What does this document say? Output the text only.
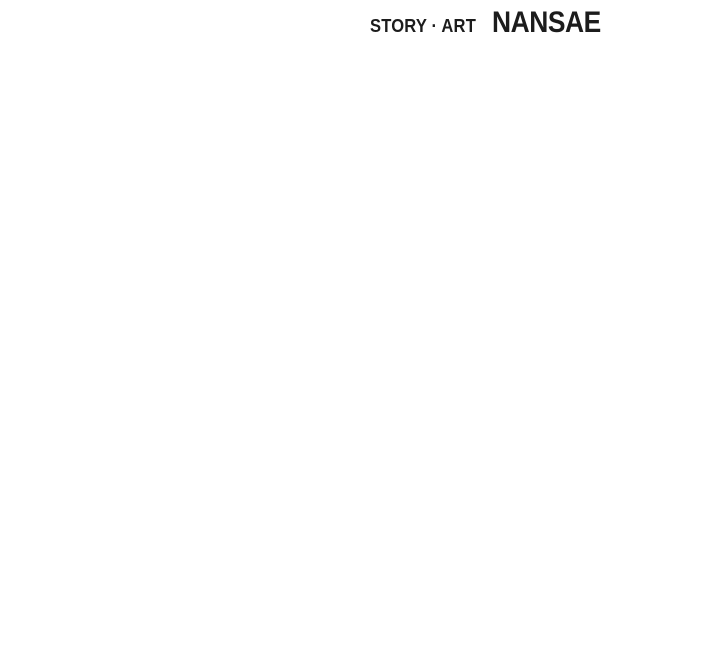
STORY · ART NANSAE
